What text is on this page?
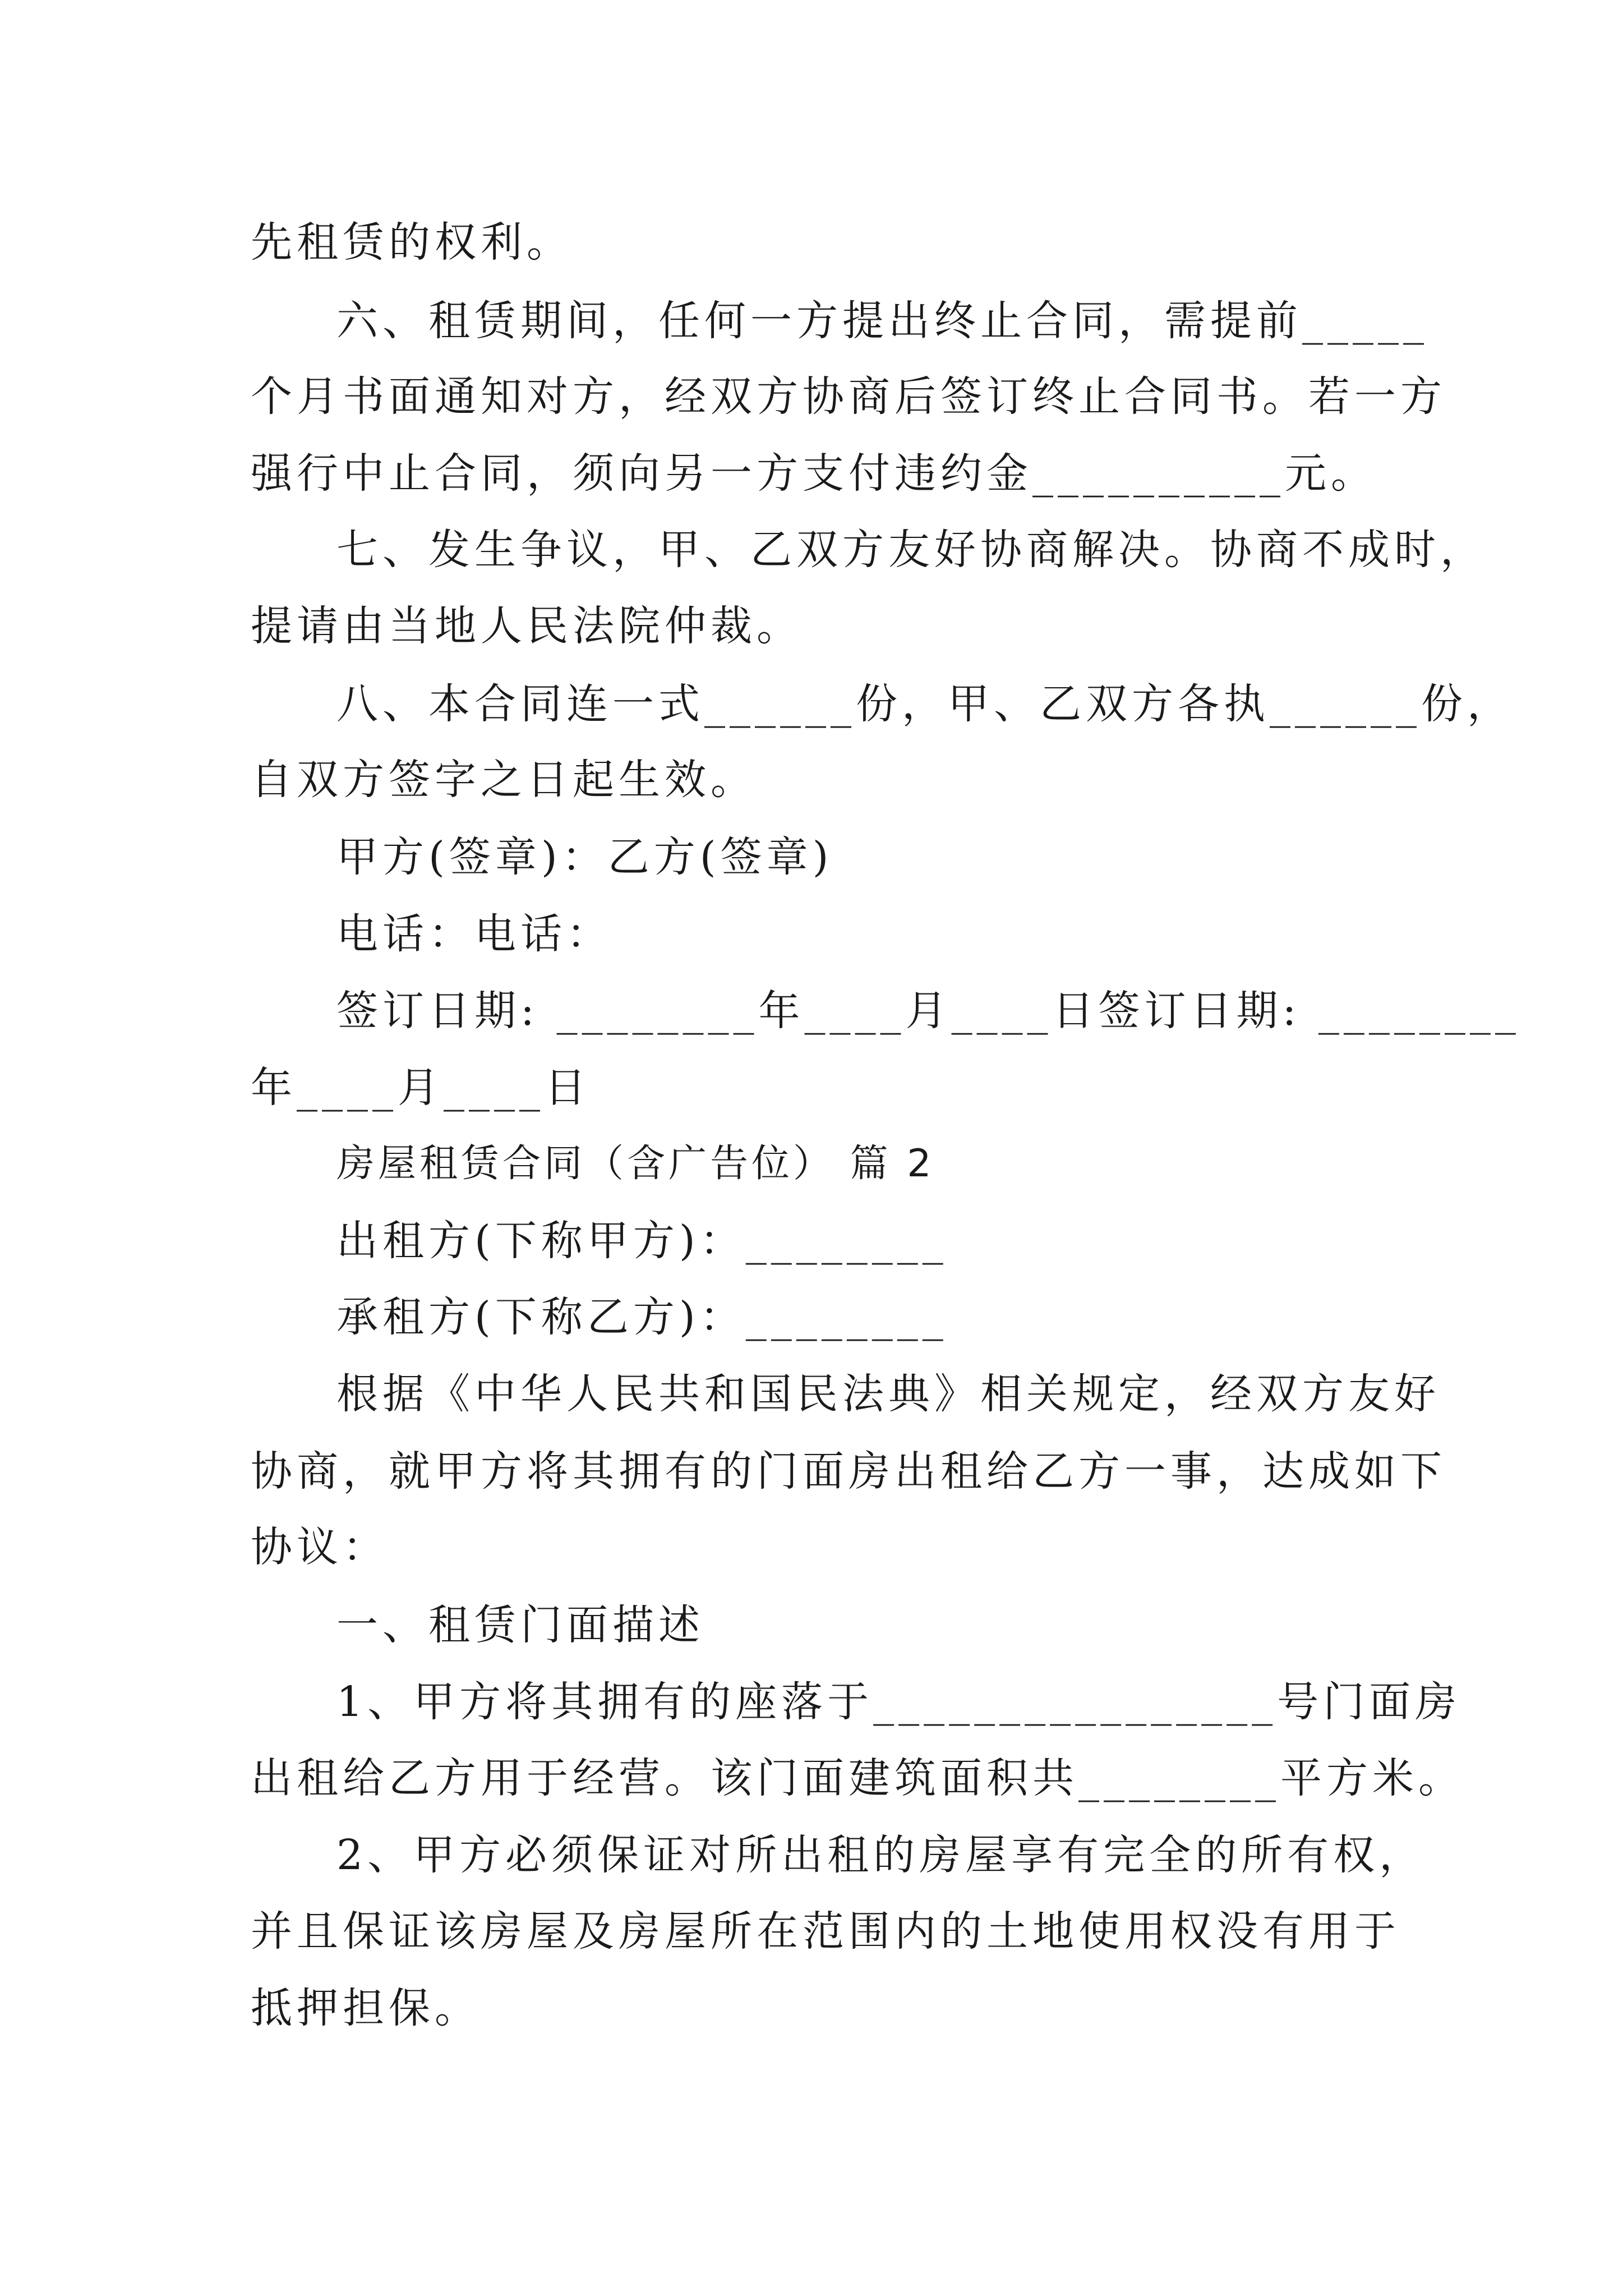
先租赁的权利。
六、租赁期间，任何一方提出终止合同，需提前_____
个月书面通知对方，经双方协商后签订终止合同书。若一方
强行中止合同，须向另一方支付违约金__________元。
七、发生争议，甲、乙双方友好协商解决。协商不成时，
提请由当地人民法院仲裁。
八、本合同连一式______份，甲、乙双方各执______份，
自双方签字之日起生效。
甲方(签章)：乙方(签章)
电话：电话：
签订日期: ________年____月____日签订日期: ________
年____月____日
房屋租赁合同（含广告位） 篇 2
出租方(下称甲方)：________
承租方(下称乙方)：________
根据《中华人民共和国民法典》相关规定，经双方友好
协商，就甲方将其拥有的门面房出租给乙方一事，达成如下
协议：
一、租赁门面描述
1、甲方将其拥有的座落于________________号门面房
出租给乙方用于经营。该门面建筑面积共________平方米。
2、甲方必须保证对所出租的房屋享有完全的所有权，
并且保证该房屋及房屋所在范围内的土地使用权没有用于
抵押担保。
